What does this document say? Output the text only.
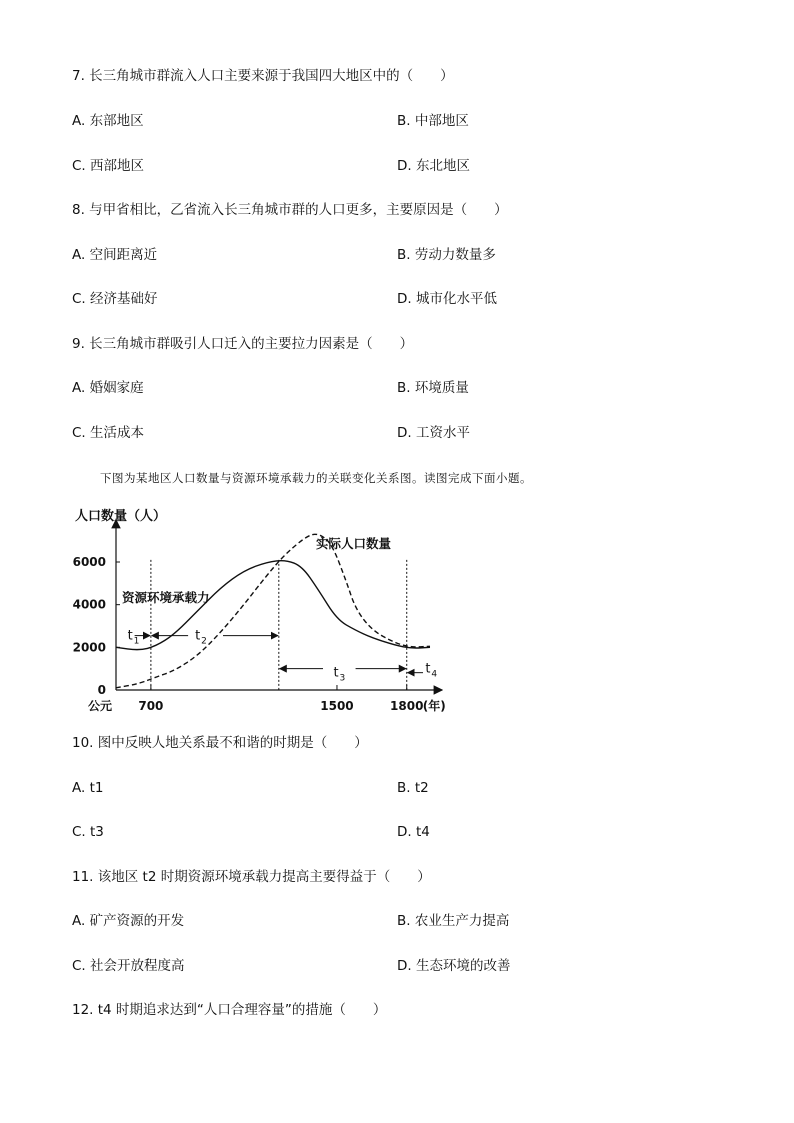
7. 长三角城市群流入人口主要来源于我国四大地区中的（　　）
A. 东部地区	B. 中部地区
C. 西部地区	D. 东北地区
8. 与甲省相比，乙省流入长三角城市群的人口更多，主要原因是（　　）
A. 空间距离近	B. 劳动力数量多
C. 经济基础好	D. 城市化水平低
9. 长三角城市群吸引人口迁入的主要拉力因素是（　　）
A. 婚姻家庭	B. 环境质量
C. 生活成本	D. 工资水平
下图为某地区人口数量与资源环境承载力的关联变化关系图。读图完成下面小题。
人口数量（人）
0
2000
4000
6000
700	1500	1800
公元	(年)
实际人口数量
资源环境承载力
t 1	t 2
t 3
t 4
10. 图中反映人地关系最不和谐的时期是（　　）
A. t1	B. t2
C. t3	D. t4
11. 该地区 t2 时期资源环境承载力提高主要得益于（　　）
A. 矿产资源的开发	B. 农业生产力提高
C. 社会开放程度高	D. 生态环境的改善
12. t4 时期追求达到“人口合理容量”的措施（　　）
